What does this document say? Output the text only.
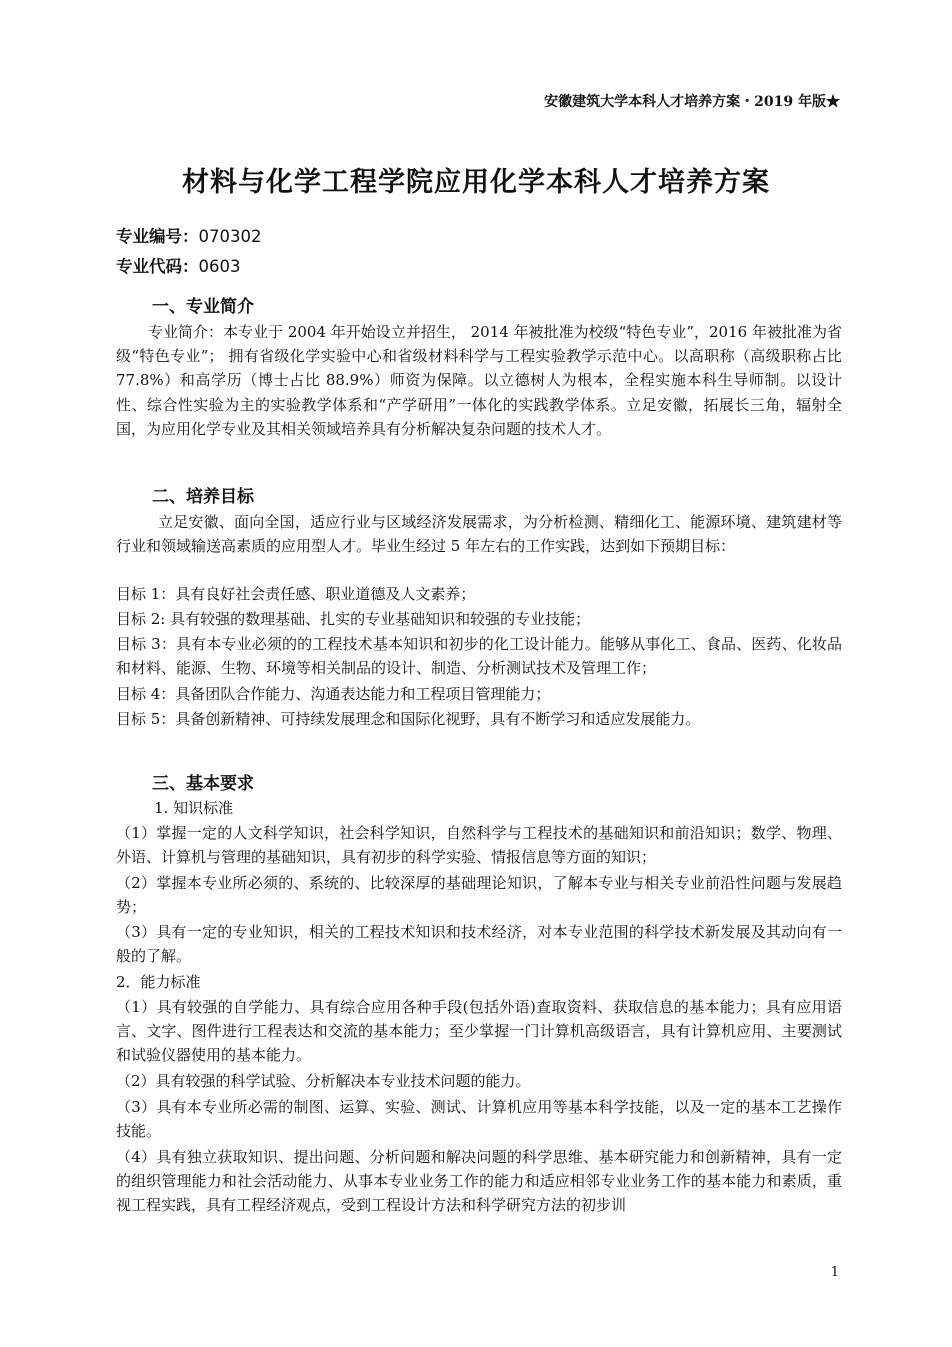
安徽建筑大学本科人才培养方案・2019 年版★
材料与化学工程学院应用化学本科人才培养方案
专业编号：070302
专业代码：0603
一、专业简介
专业简介：本专业于 2004 年开始设立并招生， 2014 年被批准为校级“特色专业”，2016 年被批准为省级“特色专业”； 拥有省级化学实验中心和省级材料科学与工程实验教学示范中心。以高职称（高级职称占比 77.8%）和高学历（博士占比 88.9%）师资为保障。以立德树人为根本，全程实施本科生导师制。以设计性、综合性实验为主的实验教学体系和“产学研用”一体化的实践教学体系。立足安徽，拓展长三角，辐射全国，为应用化学专业及其相关领域培养具有分析解决复杂问题的技术人才。
二、培养目标
立足安徽、面向全国，适应行业与区域经济发展需求，为分析检测、精细化工、能源环境、建筑建材等行业和领域输送高素质的应用型人才。毕业生经过 5 年左右的工作实践，达到如下预期目标：
目标 1：具有良好社会责任感、职业道德及人文素养；
目标 2: 具有较强的数理基础、扎实的专业基础知识和较强的专业技能；
目标 3：具有本专业必须的的工程技术基本知识和初步的化工设计能力。能够从事化工、食品、医药、化妆品和材料、能源、生物、环境等相关制品的设计、制造、分析测试技术及管理工作；
目标 4：具备团队合作能力、沟通表达能力和工程项目管理能力；
目标 5：具备创新精神、可持续发展理念和国际化视野，具有不断学习和适应发展能力。
三、基本要求
1. 知识标准
（1）掌握一定的人文科学知识，社会科学知识，自然科学与工程技术的基础知识和前沿知识；数学、物理、外语、计算机与管理的基础知识，具有初步的科学实验、情报信息等方面的知识；
（2）掌握本专业所必须的、系统的、比较深厚的基础理论知识，了解本专业与相关专业前沿性问题与发展趋势；
（3）具有一定的专业知识，相关的工程技术知识和技术经济，对本专业范围的科学技术新发展及其动向有一般的了解。
2．能力标准
（1）具有较强的自学能力、具有综合应用各种手段(包括外语)查取资料、获取信息的基本能力；具有应用语言、文字、图件进行工程表达和交流的基本能力；至少掌握一门计算机高级语言，具有计算机应用、主要测试和试验仪器使用的基本能力。
（2）具有较强的科学试验、分析解决本专业技术问题的能力。
（3）具有本专业所必需的制图、运算、实验、测试、计算机应用等基本科学技能，以及一定的基本工艺操作技能。
（4）具有独立获取知识、提出问题、分析问题和解决问题的科学思维、基本研究能力和创新精神，具有一定的组织管理能力和社会活动能力、从事本专业业务工作的能力和适应相邻专业业务工作的基本能力和素质，重视工程实践，具有工程经济观点，受到工程设计方法和科学研究方法的初步训
1
